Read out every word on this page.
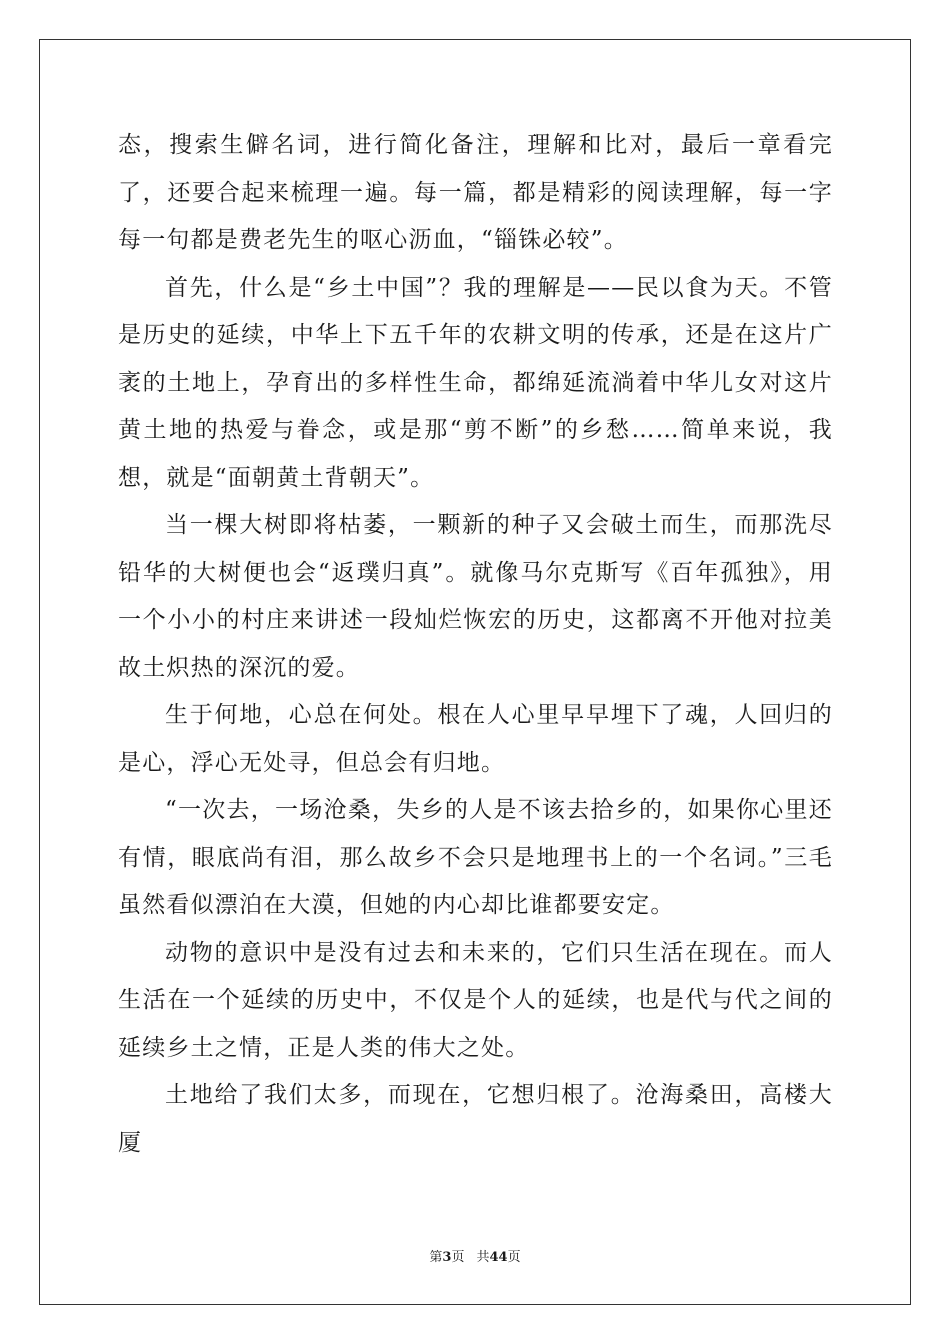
态，搜索生僻名词，进行简化备注，理解和比对，最后一章看完了，还要合起来梳理一遍。每一篇，都是精彩的阅读理解，每一字每一句都是费老先生的呕心沥血，“锱铢必较”。

首先，什么是“乡土中国”？我的理解是——民以食为天。不管是历史的延续，中华上下五千年的农耕文明的传承，还是在这片广袤的土地上，孕育出的多样性生命，都绵延流淌着中华儿女对这片黄土地的热爱与眷念，或是那“剪不断”的乡愁……简单来说，我想，就是“面朝黄土背朝天”。

当一棵大树即将枯萎，一颗新的种子又会破土而生，而那洗尽铅华的大树便也会“返璞归真”。就像马尔克斯写《百年孤独》，用一个小小的村庄来讲述一段灿烂恢宏的历史，这都离不开他对拉美故土炽热的深沉的爱。

生于何地，心总在何处。根在人心里早早埋下了魂，人回归的是心，浮心无处寻，但总会有归地。

“一次去，一场沧桑，失乡的人是不该去拾乡的，如果你心里还有情，眼底尚有泪，那么故乡不会只是地理书上的一个名词。”三毛虽然看似漂泊在大漠，但她的内心却比谁都要安定。

动物的意识中是没有过去和未来的，它们只生活在现在。而人生活在一个延续的历史中，不仅是个人的延续，也是代与代之间的延续乡土之情，正是人类的伟大之处。

土地给了我们太多，而现在，它想归根了。沧海桑田，高楼大厦

第3页 共44页
